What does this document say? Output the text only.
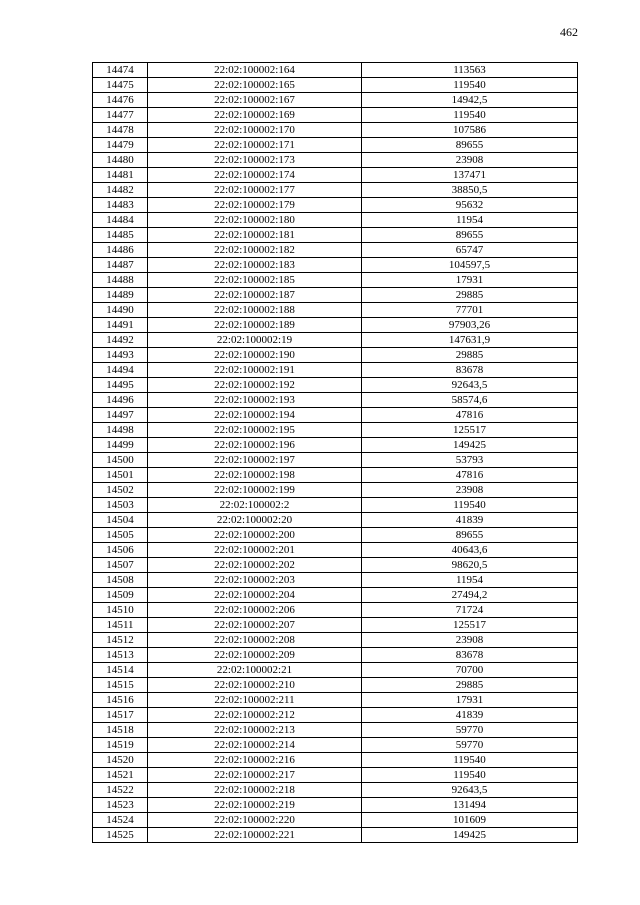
462
14474	22:02:100002:164	113563
14475	22:02:100002:165	119540
14476	22:02:100002:167	14942,5
14477	22:02:100002:169	119540
14478	22:02:100002:170	107586
14479	22:02:100002:171	89655
14480	22:02:100002:173	23908
14481	22:02:100002:174	137471
14482	22:02:100002:177	38850,5
14483	22:02:100002:179	95632
14484	22:02:100002:180	11954
14485	22:02:100002:181	89655
14486	22:02:100002:182	65747
14487	22:02:100002:183	104597,5
14488	22:02:100002:185	17931
14489	22:02:100002:187	29885
14490	22:02:100002:188	77701
14491	22:02:100002:189	97903,26
14492	22:02:100002:19	147631,9
14493	22:02:100002:190	29885
14494	22:02:100002:191	83678
14495	22:02:100002:192	92643,5
14496	22:02:100002:193	58574,6
14497	22:02:100002:194	47816
14498	22:02:100002:195	125517
14499	22:02:100002:196	149425
14500	22:02:100002:197	53793
14501	22:02:100002:198	47816
14502	22:02:100002:199	23908
14503	22:02:100002:2	119540
14504	22:02:100002:20	41839
14505	22:02:100002:200	89655
14506	22:02:100002:201	40643,6
14507	22:02:100002:202	98620,5
14508	22:02:100002:203	11954
14509	22:02:100002:204	27494,2
14510	22:02:100002:206	71724
14511	22:02:100002:207	125517
14512	22:02:100002:208	23908
14513	22:02:100002:209	83678
14514	22:02:100002:21	70700
14515	22:02:100002:210	29885
14516	22:02:100002:211	17931
14517	22:02:100002:212	41839
14518	22:02:100002:213	59770
14519	22:02:100002:214	59770
14520	22:02:100002:216	119540
14521	22:02:100002:217	119540
14522	22:02:100002:218	92643,5
14523	22:02:100002:219	131494
14524	22:02:100002:220	101609
14525	22:02:100002:221	149425
